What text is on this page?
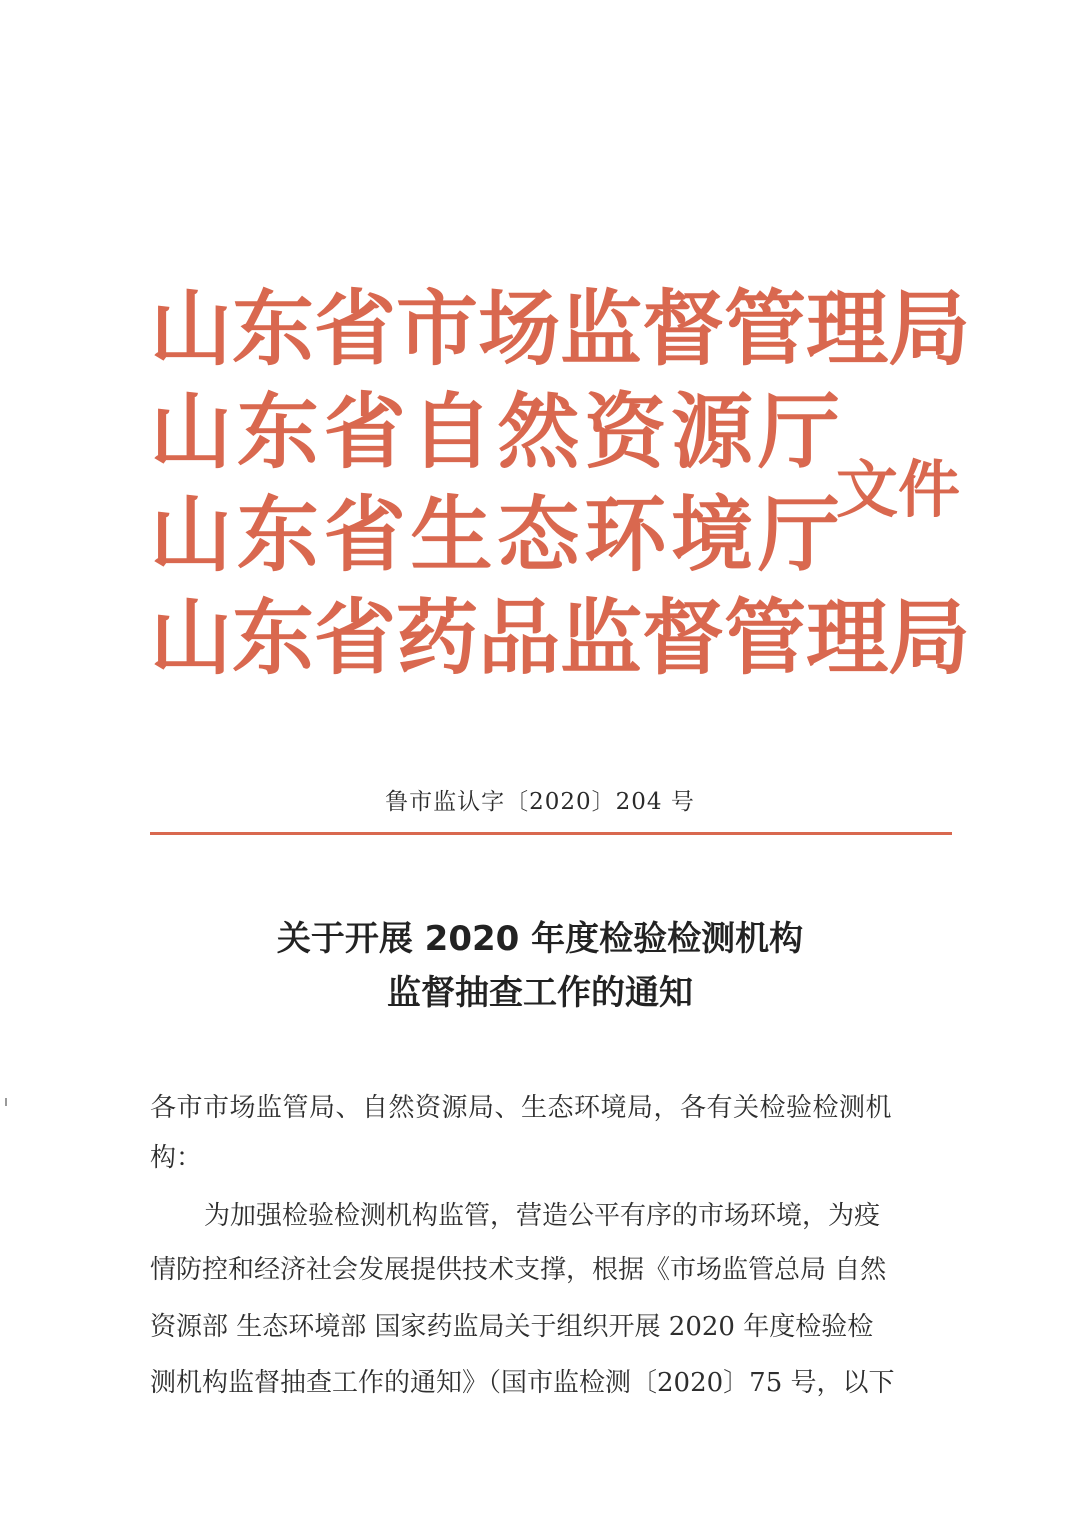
山 东 省 市 场 监 督 管 理 局
山 东 省 自 然 资 源 厅
山 东 省 生 态 环 境 厅
山 东 省 药 品 监 督 管 理 局
文件
鲁市监认字〔2020〕204 号
关于开展 2020 年度检验检测机构
监督抽查工作的通知
各市市场监管局、自然资源局、生态环境局，各有关检验检测机
构：
为加强检验检测机构监管，营造公平有序的市场环境，为疫
情防控和经济社会发展提供技术支撑，根据《市场监管总局 自然
资源部 生态环境部 国家药监局关于组织开展 2020 年度检验检
测机构监督抽查工作的通知》（国市监检测〔2020〕75 号，以下
